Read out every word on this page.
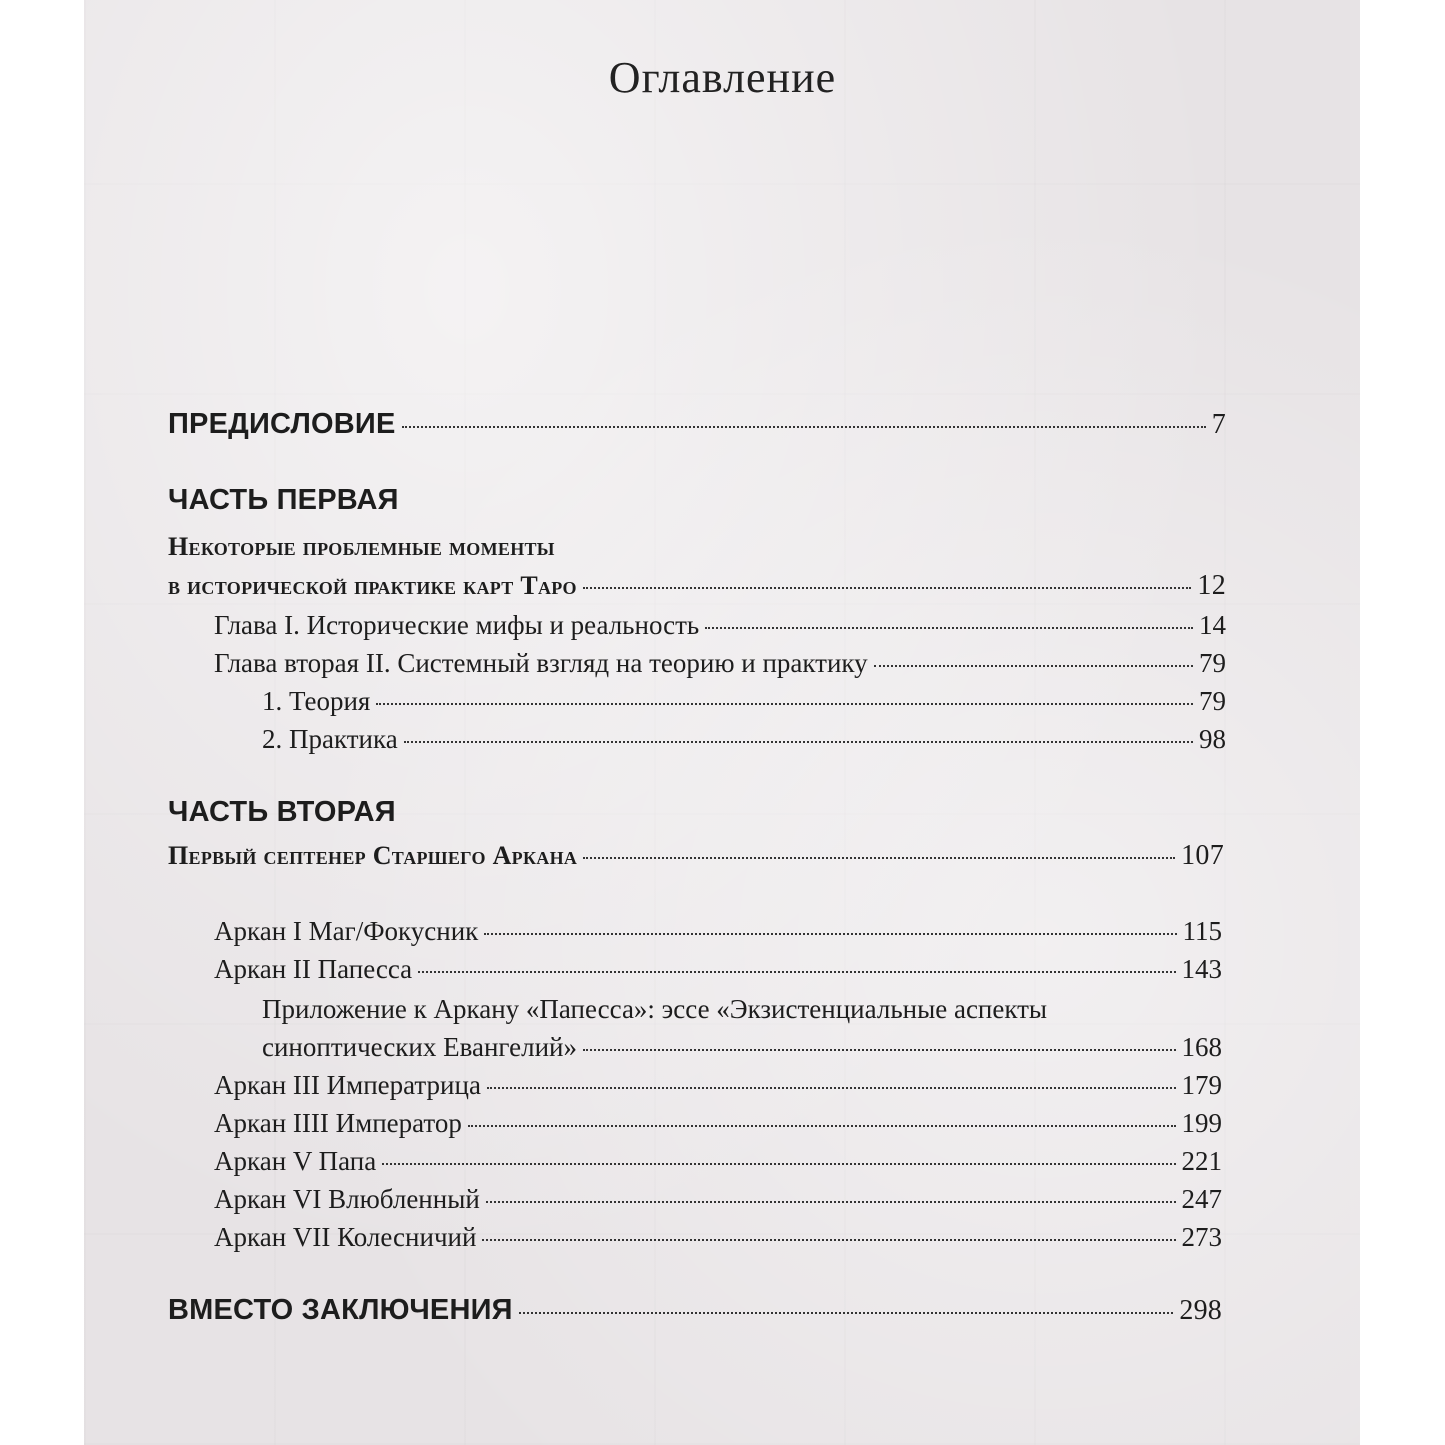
Оглавление
ПРЕДИСЛОВИЕ	7
ЧАСТЬ ПЕРВАЯ
Некоторые проблемные моменты
в исторической практике карт Таро	12
Глава I. Исторические мифы и реальность	14
Глава вторая II. Системный взгляд на теорию и практику	79
1. Теория	79
2. Практика	98
ЧАСТЬ ВТОРАЯ
Первый септенер Старшего Аркана	107
Аркан I Маг/Фокусник	115
Аркан II Папесса	143
Приложение к Аркану «Папесса»: эссе «Экзистенциальные аспекты
синоптических Евангелий»	168
Аркан III Императрица	179
Аркан IIII Император	199
Аркан V Папа	221
Аркан VI Влюбленный	247
Аркан VII Колесничий	273
ВМЕСТО ЗАКЛЮЧЕНИЯ	298
